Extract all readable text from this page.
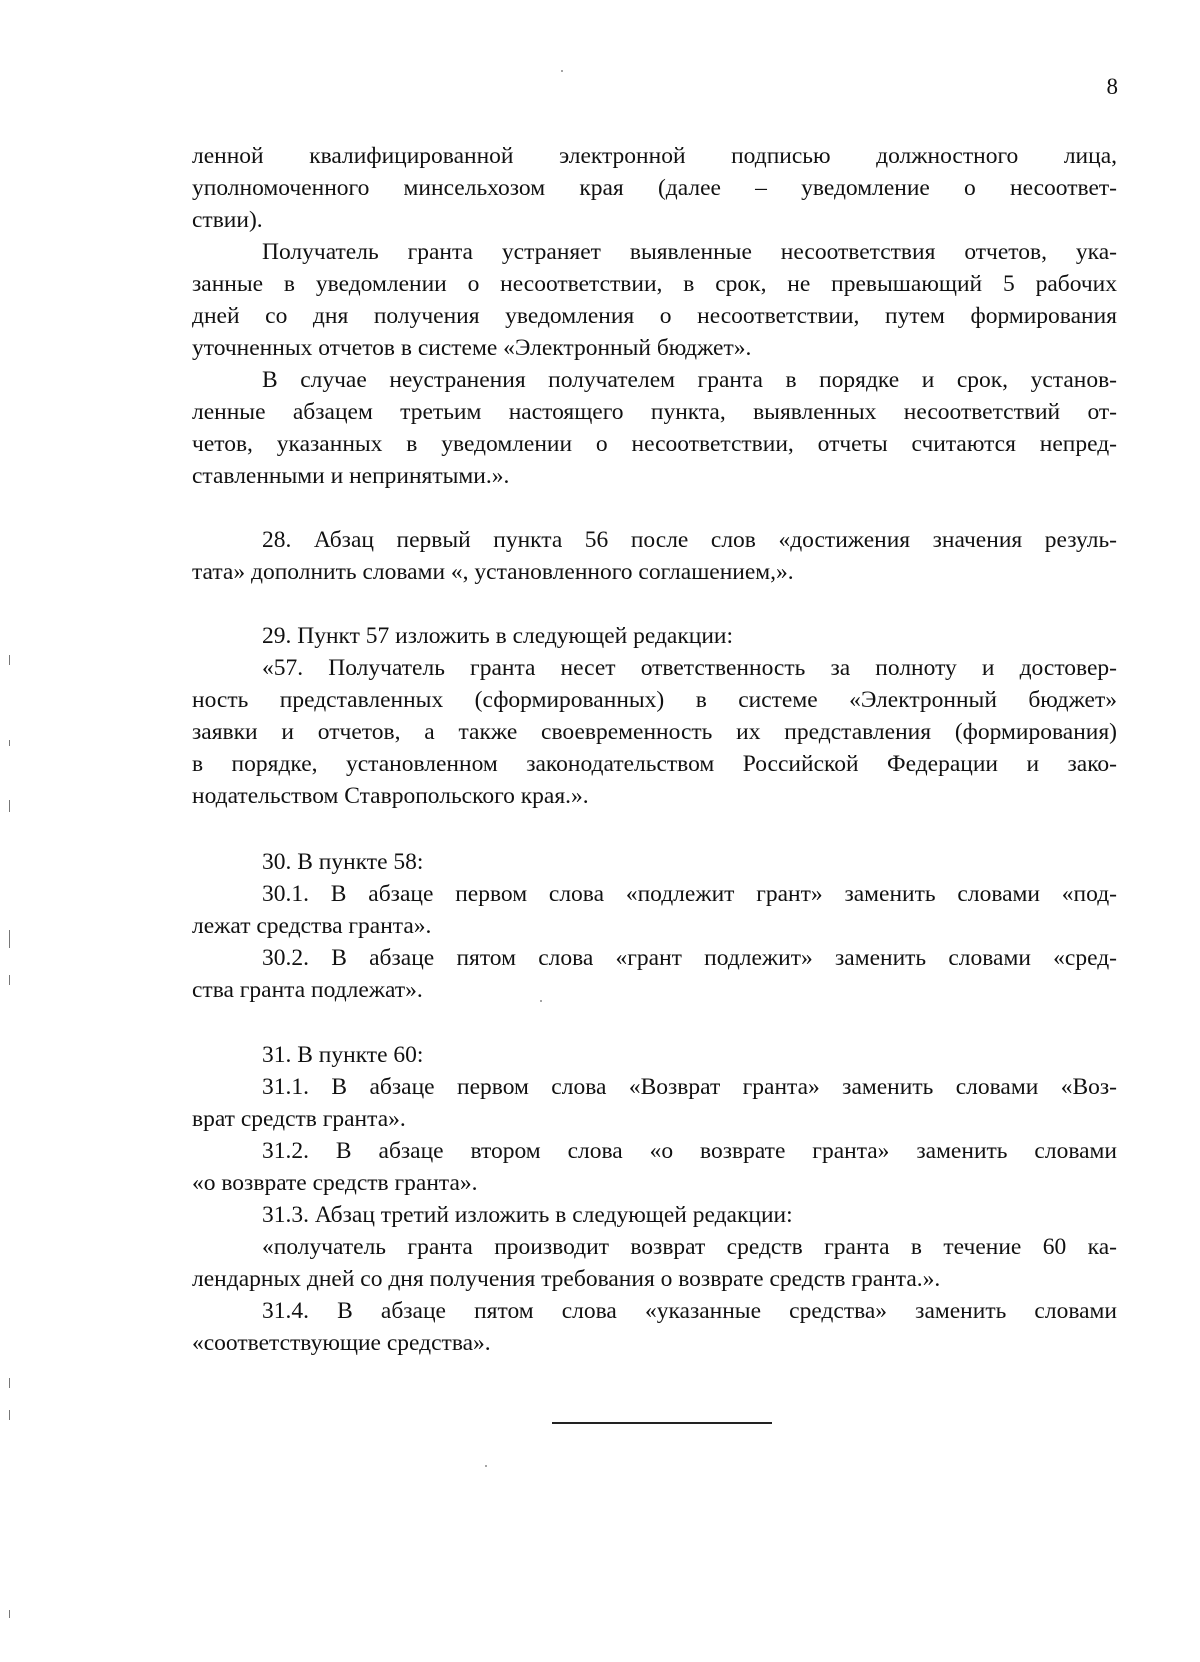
8
ленной квалифицированной электронной подписью должностного лица,
уполномоченного минсельхозом края (далее – уведомление о несоответ-
ствии).
Получатель гранта устраняет выявленные несоответствия отчетов, ука-
занные в уведомлении о несоответствии, в срок, не превышающий 5 рабочих
дней со дня получения уведомления о несоответствии, путем формирования
уточненных отчетов в системе «Электронный бюджет».
В случае неустранения получателем гранта в порядке и срок, установ-
ленные абзацем третьим настоящего пункта, выявленных несоответствий от-
четов, указанных в уведомлении о несоответствии, отчеты считаются непред-
ставленными и непринятыми.».
28. Абзац первый пункта 56 после слов «достижения значения резуль-
тата» дополнить словами «, установленного соглашением,».
29. Пункт 57 изложить в следующей редакции:
«57. Получатель гранта несет ответственность за полноту и достовер-
ность представленных (сформированных) в системе «Электронный бюджет»
заявки и отчетов, а также своевременность их представления (формирования)
в порядке, установленном законодательством Российской Федерации и зако-
нодательством Ставропольского края.».
30. В пункте 58:
30.1. В абзаце первом слова «подлежит грант» заменить словами «под-
лежат средства гранта».
30.2. В абзаце пятом слова «грант подлежит» заменить словами «сред-
ства гранта подлежат».
31. В пункте 60:
31.1. В абзаце первом слова «Возврат гранта» заменить словами «Воз-
врат средств гранта».
31.2. В абзаце втором слова «о возврате гранта» заменить словами
«о возврате средств гранта».
31.3. Абзац третий изложить в следующей редакции:
«получатель гранта производит возврат средств гранта в течение 60 ка-
лендарных дней со дня получения требования о возврате средств гранта.».
31.4. В абзаце пятом слова «указанные средства» заменить словами
«соответствующие средства».
